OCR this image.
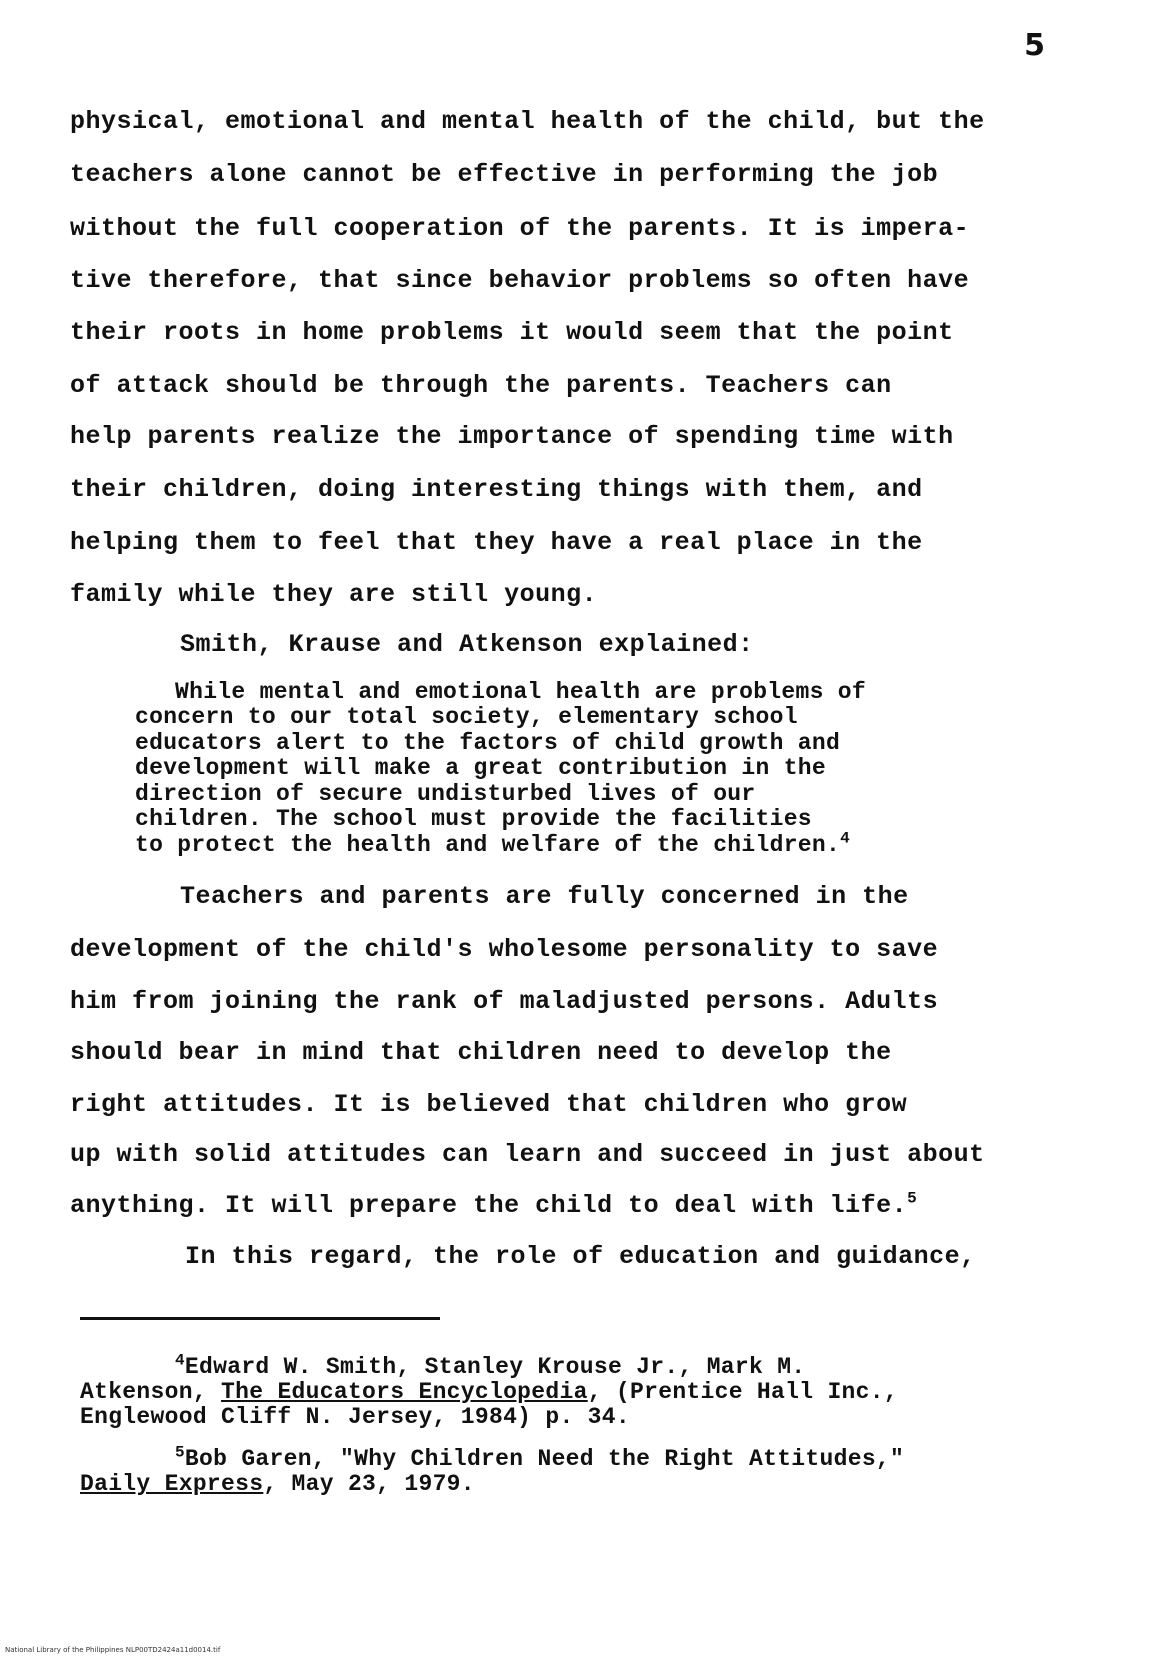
5
physical, emotional and mental health of the child, but the
teachers alone cannot be effective in performing the job
without the full cooperation of the parents. It is impera-
tive therefore, that since behavior problems so often have
their roots in home problems it would seem that the point
of attack should be through the parents. Teachers can
help parents realize the importance of spending time with
their children, doing interesting things with them, and
helping them to feel that they have a real place in the
family while they are still young.
Smith, Krause and Atkenson explained:
While mental and emotional health are problems of
concern to our total society, elementary school
educators alert to the factors of child growth and
development will make a great contribution in the
direction of secure undisturbed lives of our
children. The school must provide the facilities
to protect the health and welfare of the children.$^4$
Teachers and parents are fully concerned in the
development of the child's wholesome personality to save
him from joining the rank of maladjusted persons. Adults
should bear in mind that children need to develop the
right attitudes. It is believed that children who grow
up with solid attitudes can learn and succeed in just about
anything. It will prepare the child to deal with life.$^5$
In this regard, the role of education and guidance,
$^4$Edward W. Smith, Stanley Krouse Jr., Mark M.
Atkenson, The Educators Encyclopedia, (Prentice Hall Inc.,
Englewood Cliff N. Jersey, 1984) p. 34.
$^5$Bob Garen, "Why Children Need the Right Attitudes,"
Daily Express, May 23, 1979.
National Library of the Philippines NLP00TD2424a11d0014.tif
